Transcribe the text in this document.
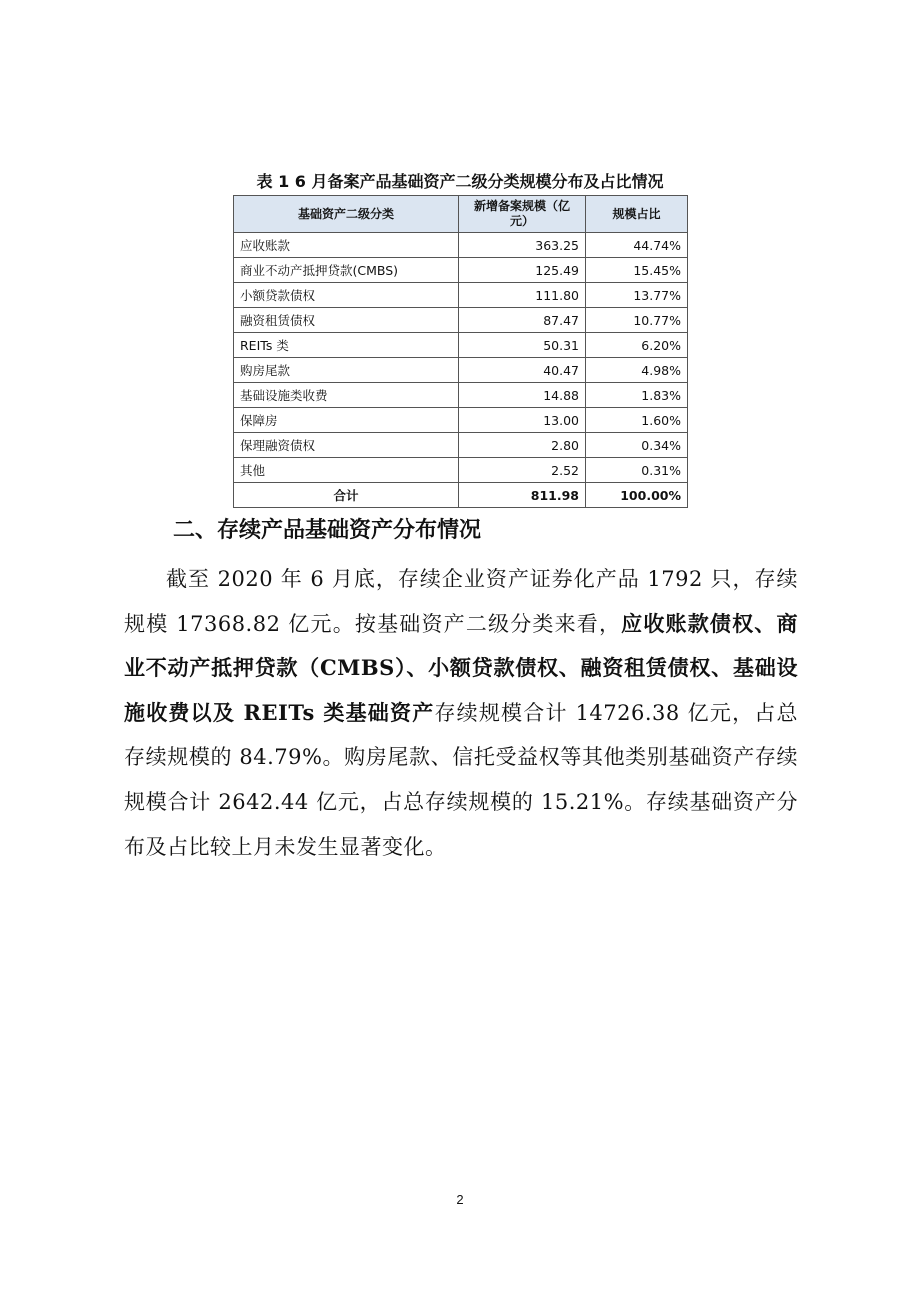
表 1 6 月备案产品基础资产二级分类规模分布及占比情况
基础资产二级分类	新增备案规模（亿元）	规模占比
应收账款	363.25	44.74%
商业不动产抵押贷款(CMBS)	125.49	15.45%
小额贷款债权	111.80	13.77%
融资租赁债权	87.47	10.77%
REITs 类	50.31	6.20%
购房尾款	40.47	4.98%
基础设施类收费	14.88	1.83%
保障房	13.00	1.60%
保理融资债权	2.80	0.34%
其他	2.52	0.31%
合计	811.98	100.00%
二、存续产品基础资产分布情况

截至 2020 年 6 月底，存续企业资产证券化产品 1792 只，存续规模 17368.82 亿元。按基础资产二级分类来看，应收账款债权、商业不动产抵押贷款（CMBS）、小额贷款债权、融资租赁债权、基础设施收费以及 REITs 类基础资产存续规模合计 14726.38 亿元，占总存续规模的 84.79%。购房尾款、信托受益权等其他类别基础资产存续规模合计 2642.44 亿元，占总存续规模的 15.21%。存续基础资产分布及占比较上月未发生显著变化。

2
